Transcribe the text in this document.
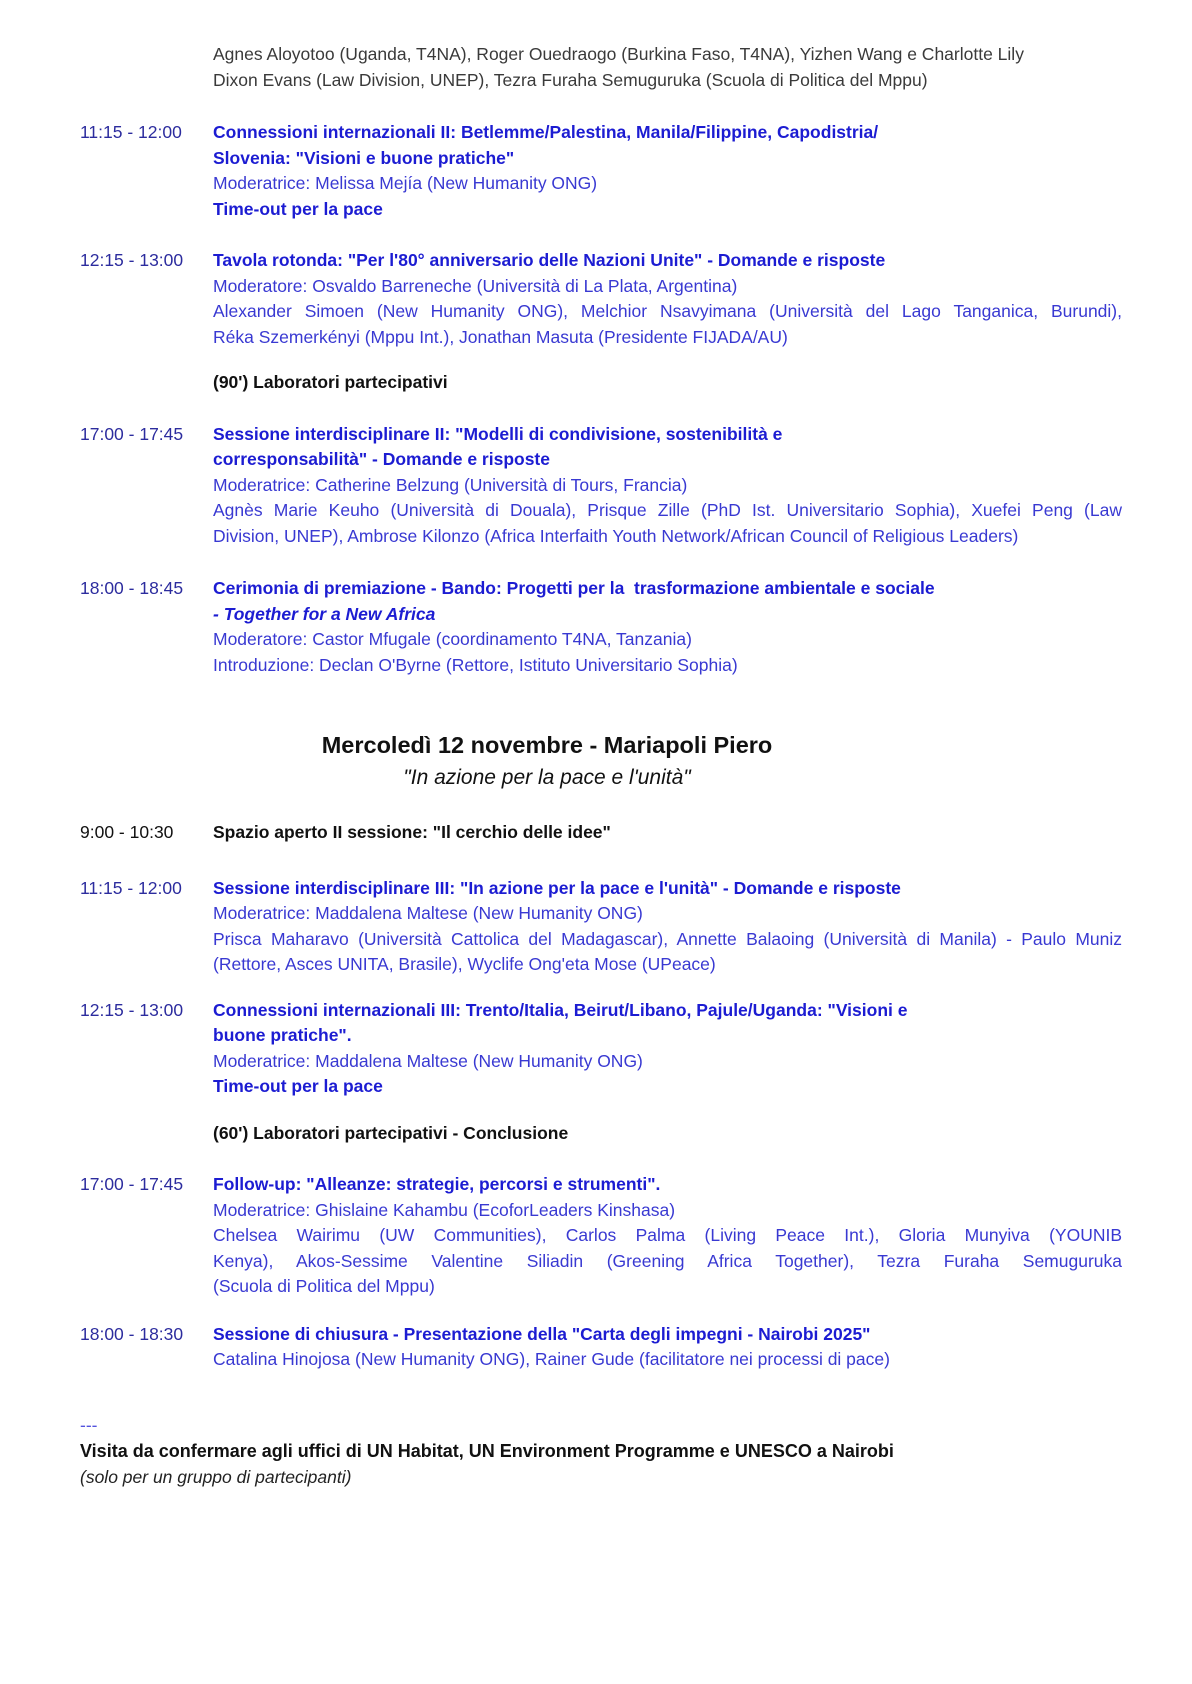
Agnes Aloyotoo (Uganda, T4NA), Roger Ouedraogo (Burkina Faso, T4NA), Yizhen Wang e Charlotte Lily
Dixon Evans (Law Division, UNEP), Tezra Furaha Semuguruka (Scuola di Politica del Mppu)
11:15 - 12:00	Connessioni internazionali II: Betlemme/Palestina, Manila/Filippine, Capodistria/
Slovenia: "Visioni e buone pratiche"
Moderatrice: Melissa Mejía (New Humanity ONG)
Time-out per la pace
12:15 - 13:00	Tavola rotonda: "Per l'80° anniversario delle Nazioni Unite" - Domande e risposte
Moderatore: Osvaldo Barreneche (Università di La Plata, Argentina)
Alexander Simoen (New Humanity ONG), Melchior Nsavyimana (Università del Lago Tanganica, Burundi),
Réka Szemerkényi (Mppu Int.), Jonathan Masuta (Presidente FIJADA/AU)
(90') Laboratori partecipativi
17:00 - 17:45	Sessione interdisciplinare II: "Modelli di condivisione, sostenibilità e
corresponsabilità" - Domande e risposte
Moderatrice: Catherine Belzung (Università di Tours, Francia)
Agnès Marie Keuho (Università di Douala), Prisque Zille (PhD Ist. Universitario Sophia), Xuefei Peng (Law
Division, UNEP), Ambrose Kilonzo (Africa Interfaith Youth Network/African Council of Religious Leaders)
18:00 - 18:45	Cerimonia di premiazione - Bando: Progetti per la  trasformazione ambientale e sociale
- Together for a New Africa
Moderatore: Castor Mfugale (coordinamento T4NA, Tanzania)
Introduzione: Declan O'Byrne (Rettore, Istituto Universitario Sophia)
Mercoledì 12 novembre - Mariapoli Piero
"In azione per la pace e l'unità"
9:00 - 10:30	Spazio aperto II sessione: "Il cerchio delle idee"
11:15 - 12:00	Sessione interdisciplinare III: "In azione per la pace e l'unità" - Domande e risposte
Moderatrice: Maddalena Maltese (New Humanity ONG)
Prisca Maharavo (Università Cattolica del Madagascar), Annette Balaoing (Università di Manila) - Paulo Muniz
(Rettore, Asces UNITA, Brasile), Wyclife Ong'eta Mose (UPeace)
12:15 - 13:00	Connessioni internazionali III: Trento/Italia, Beirut/Libano, Pajule/Uganda: "Visioni e
buone pratiche".
Moderatrice: Maddalena Maltese (New Humanity ONG)
Time-out per la pace
(60') Laboratori partecipativi - Conclusione
17:00 - 17:45	Follow-up: "Alleanze: strategie, percorsi e strumenti".
Moderatrice: Ghislaine Kahambu (EcoforLeaders Kinshasa)
Chelsea Wairimu (UW Communities), Carlos Palma (Living Peace Int.), Gloria Munyiva (YOUNIB
Kenya), Akos-Sessime Valentine Siliadin (Greening Africa Together), Tezra Furaha Semuguruka
(Scuola di Politica del Mppu)
18:00 - 18:30	Sessione di chiusura - Presentazione della "Carta degli impegni - Nairobi 2025"
Catalina Hinojosa (New Humanity ONG), Rainer Gude (facilitatore nei processi di pace)
---
Visita da confermare agli uffici di UN Habitat, UN Environment Programme e UNESCO a Nairobi
(solo per un gruppo di partecipanti)
